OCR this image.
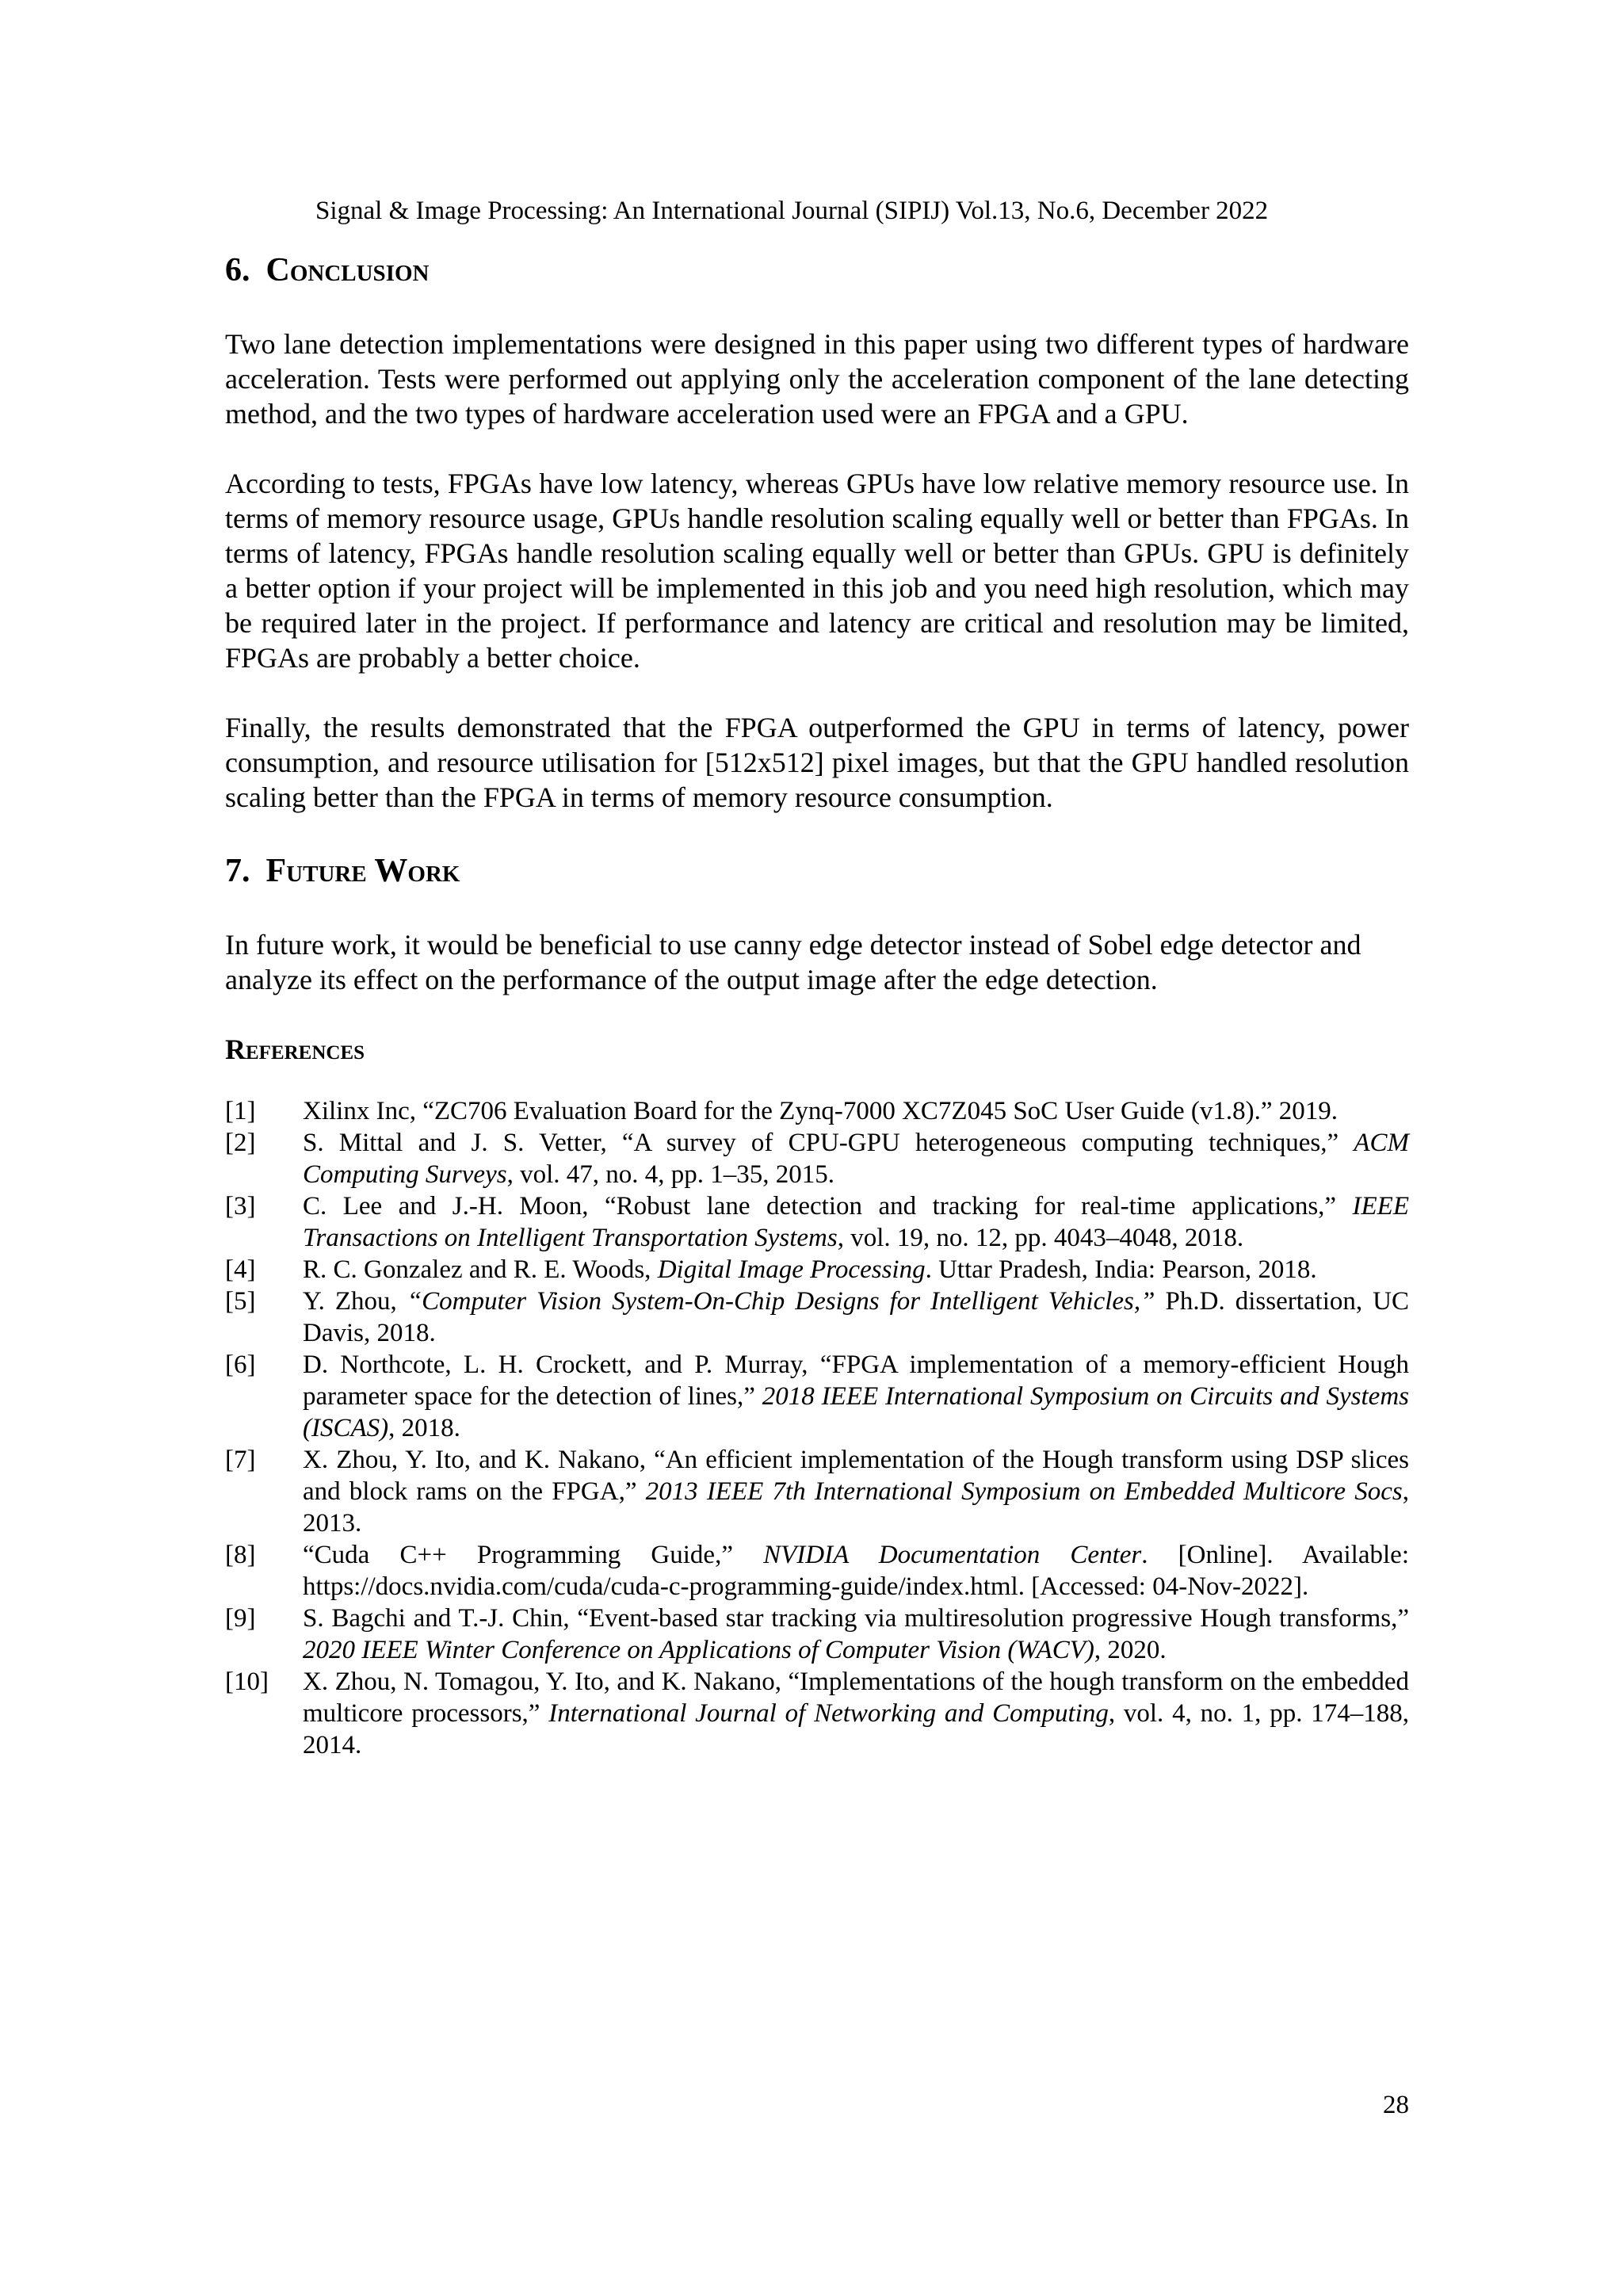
Signal & Image Processing: An International Journal (SIPIJ) Vol.13, No.6, December 2022
6. Conclusion

Two lane detection implementations were designed in this paper using two different types of hardware acceleration. Tests were performed out applying only the acceleration component of the lane detecting method, and the two types of hardware acceleration used were an FPGA and a GPU.

According to tests, FPGAs have low latency, whereas GPUs have low relative memory resource use. In terms of memory resource usage, GPUs handle resolution scaling equally well or better than FPGAs. In terms of latency, FPGAs handle resolution scaling equally well or better than GPUs. GPU is definitely a better option if your project will be implemented in this job and you need high resolution, which may be required later in the project. If performance and latency are critical and resolution may be limited, FPGAs are probably a better choice.

Finally, the results demonstrated that the FPGA outperformed the GPU in terms of latency, power consumption, and resource utilisation for [512x512] pixel images, but that the GPU handled resolution scaling better than the FPGA in terms of memory resource consumption.

7. Future Work

In future work, it would be beneficial to use canny edge detector instead of Sobel edge detector and analyze its effect on the performance of the output image after the edge detection.

References
[1]	Xilinx Inc, “ZC706 Evaluation Board for the Zynq-7000 XC7Z045 SoC User Guide (v1.8).” 2019.
[2]	S. Mittal and J. S. Vetter, “A survey of CPU-GPU heterogeneous computing techniques,” ACM Computing Surveys, vol. 47, no. 4, pp. 1–35, 2015.
[3]	C. Lee and J.-H. Moon, “Robust lane detection and tracking for real-time applications,” IEEE Transactions on Intelligent Transportation Systems, vol. 19, no. 12, pp. 4043–4048, 2018.
[4]	R. C. Gonzalez and R. E. Woods, Digital Image Processing. Uttar Pradesh, India: Pearson, 2018.
[5]	Y. Zhou, “Computer Vision System-On-Chip Designs for Intelligent Vehicles,” Ph.D. dissertation, UC Davis, 2018.
[6]	D. Northcote, L. H. Crockett, and P. Murray, “FPGA implementation of a memory-efficient Hough parameter space for the detection of lines,” 2018 IEEE International Symposium on Circuits and Systems (ISCAS), 2018.
[7]	X. Zhou, Y. Ito, and K. Nakano, “An efficient implementation of the Hough transform using DSP slices and block rams on the FPGA,” 2013 IEEE 7th International Symposium on Embedded Multicore Socs, 2013.
[8]	“Cuda C++ Programming Guide,” NVIDIA Documentation Center. [Online]. Available: https://docs.nvidia.com/cuda/cuda-c-programming-guide/index.html. [Accessed: 04-Nov-2022].
[9]	S. Bagchi and T.-J. Chin, “Event-based star tracking via multiresolution progressive Hough transforms,” 2020 IEEE Winter Conference on Applications of Computer Vision (WACV), 2020.
[10]	X. Zhou, N. Tomagou, Y. Ito, and K. Nakano, “Implementations of the hough transform on the embedded multicore processors,” International Journal of Networking and Computing, vol. 4, no. 1, pp. 174–188, 2014.
28
